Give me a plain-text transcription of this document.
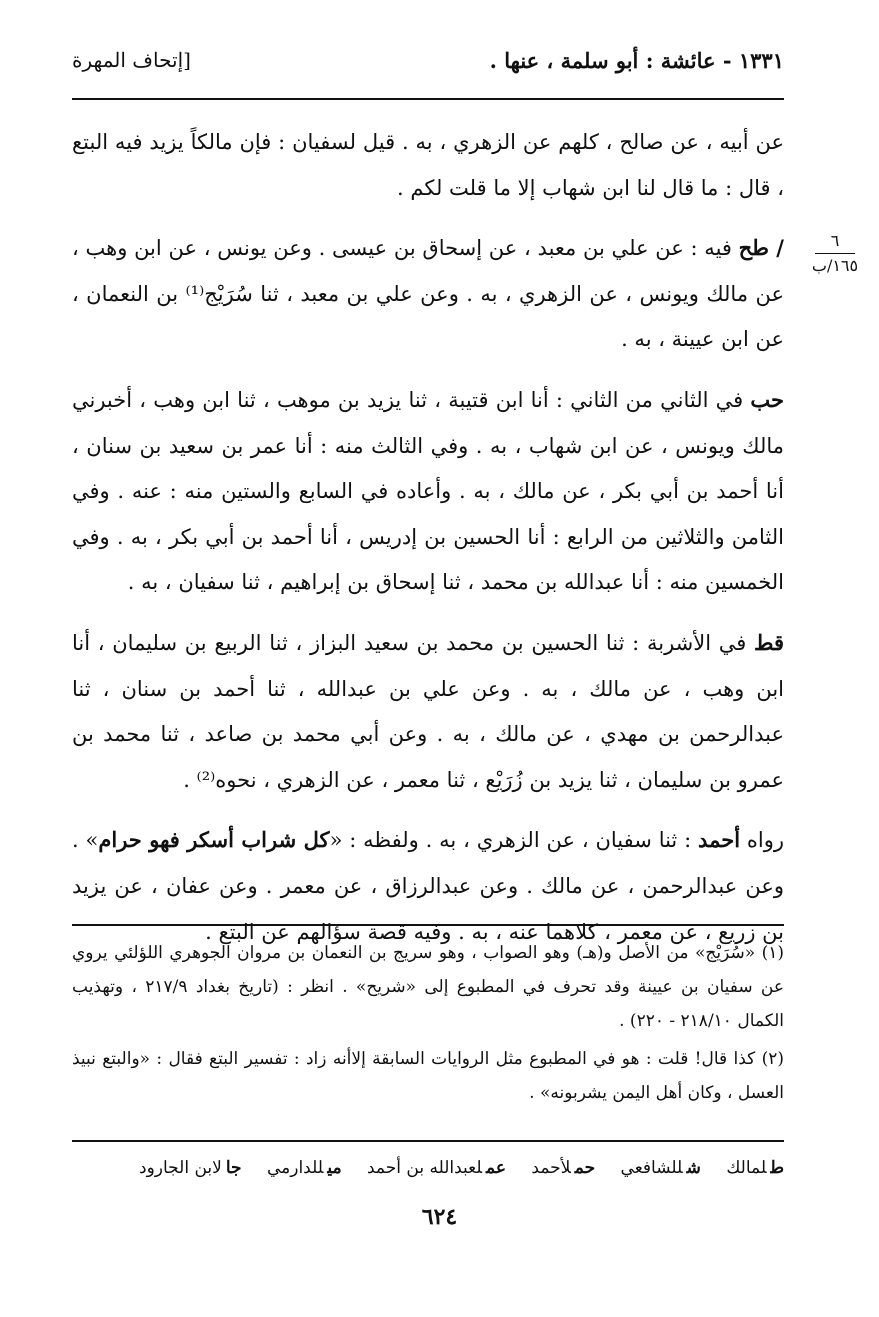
١٣٣١ - عائشة : أبو سلمة ، عنها .
[إتحاف المهرة
٦
١٦٥/ب

عن أبيه ، عن صالح ، كلهم عن الزهري ، به . قيل لسفيان : فإن مالكاً يزيد فيه البتع ، قال : ما قال لنا ابن شهاب إلا ما قلت لكم .

/ طح فيه : عن علي بن معبد ، عن إسحاق بن عيسى . وعن يونس ، عن ابن وهب ، عن مالك ويونس ، عن الزهري ، به . وعن علي بن معبد ، ثنا سُرَيْج⁽¹⁾ بن النعمان ، عن ابن عيينة ، به .

حب في الثاني من الثاني : أنا ابن قتيبة ، ثنا يزيد بن موهب ، ثنا ابن وهب ، أخبرني مالك ويونس ، عن ابن شهاب ، به . وفي الثالث منه : أنا عمر بن سعيد بن سنان ، أنا أحمد بن أبي بكر ، عن مالك ، به . وأعاده في السابع والستين منه : عنه . وفي الثامن والثلاثين من الرابع : أنا الحسين بن إدريس ، أنا أحمد بن أبي بكر ، به . وفي الخمسين منه : أنا عبدالله بن محمد ، ثنا إسحاق بن إبراهيم ، ثنا سفيان ، به .

قط في الأشربة : ثنا الحسين بن محمد بن سعيد البزاز ، ثنا الربيع بن سليمان ، أنا ابن وهب ، عن مالك ، به . وعن علي بن عبدالله ، ثنا أحمد بن سنان ، ثنا عبدالرحمن بن مهدي ، عن مالك ، به . وعن أبي محمد بن صاعد ، ثنا محمد بن عمرو بن سليمان ، ثنا يزيد بن زُرَيْع ، ثنا معمر ، عن الزهري ، نحوه⁽²⁾ .

رواه أحمد : ثنا سفيان ، عن الزهري ، به . ولفظه : «كل شراب أسكر فهو حرام» . وعن عبدالرحمن ، عن مالك . وعن عبدالرزاق ، عن معمر . وعن عفان ، عن يزيد بن زريع ، عن معمر ، كلاهما عنه ، به . وفيه قصة سؤالهم عن البتع .

(١) «سُرَيْج» من الأصل و(هـ) وهو الصواب ، وهو سريج بن النعمان بن مروان الجوهري اللؤلئي يروي عن سفيان بن عيينة وقد تحرف في المطبوع إلى «شريح» . انظر : (تاريخ بغداد ٢١٧/٩ ، وتهذيب الكمال ٢١٨/١٠ - ٢٢٠) .

(٢) كذا قال! قلت : هو في المطبوع مثل الروايات السابقة إلاأنه زاد : تفسير البتع فقال : «والبتع نبيذ العسل ، وكان أهل اليمن يشربونه» .

طلمالك شللشافعي حملأحمد عملعبدالله بن أحمد ميللدارمي جالابن الجارود
٦٢٤
